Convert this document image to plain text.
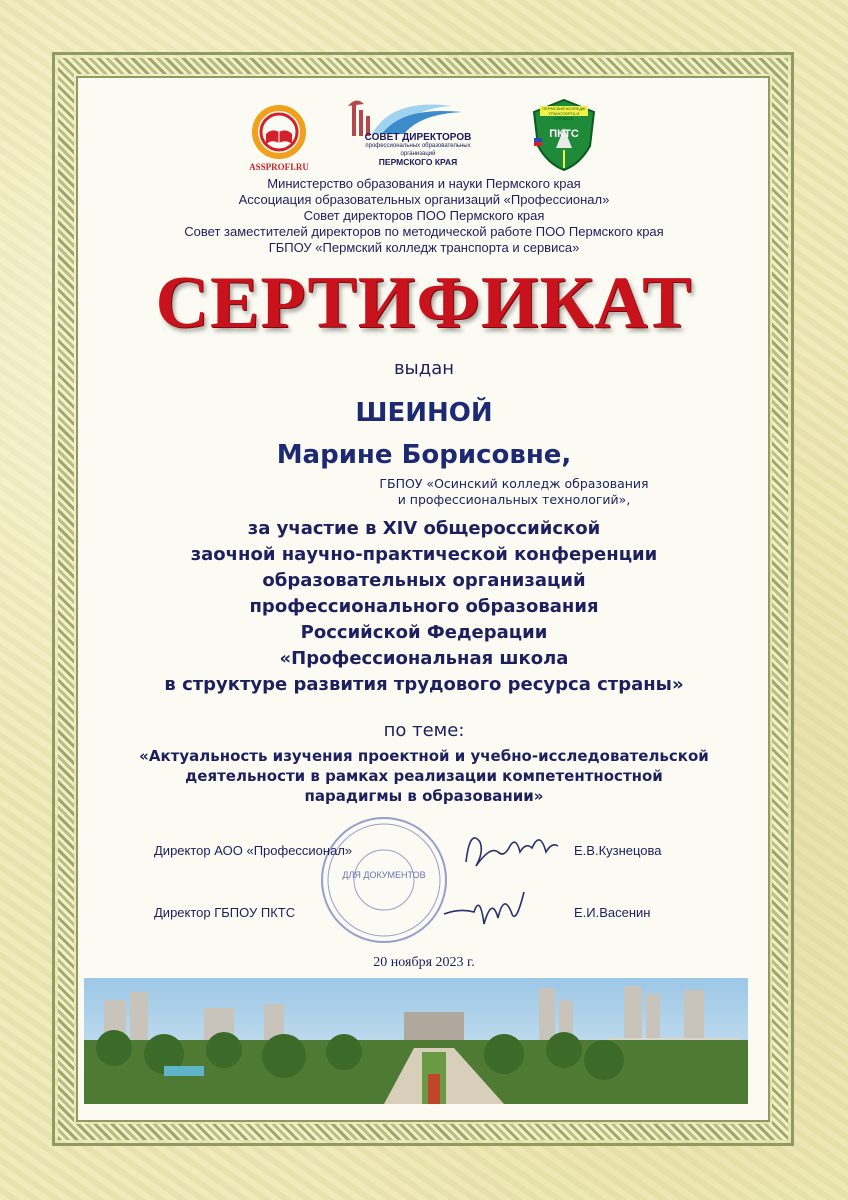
ASSPROFI.RU
СОВЕТ ДИРЕКТОРОВ
профессиональных образовательных организаций
ПЕРМСКОГО КРАЯ
ПЕРМСКИЙ КОЛЛЕДЖ ТРАНСПОРТА И СЕРВИСА
ПКТС
Министерство образования и науки Пермского края
Ассоциация образовательных организаций «Профессионал»
Совет директоров ПОО Пермского края
Совет заместителей директоров по методической работе ПОО Пермского края
ГБПОУ «Пермский колледж транспорта и сервиса»
СЕРТИФИКАТ
выдан
ШЕИНОЙ
Марине Борисовне,
ГБПОУ «Осинский колледж образования
и профессиональных технологий»,
за участие в XIV общероссийской
заочной научно-практической конференции
образовательных организаций
профессионального образования
Российской Федерации
«Профессиональная школа
в структуре развития трудового ресурса страны»
по теме:
«Актуальность изучения проектной и учебно-исследовательской
деятельности в рамках реализации компетентностной
парадигмы в образовании»
ДЛЯ ДОКУМЕНТОВ
Директор АОО «Профессионал»	Е.В.Кузнецова
Директор ГБПОУ ПКТС	Е.И.Васенин
20 ноября 2023 г.
